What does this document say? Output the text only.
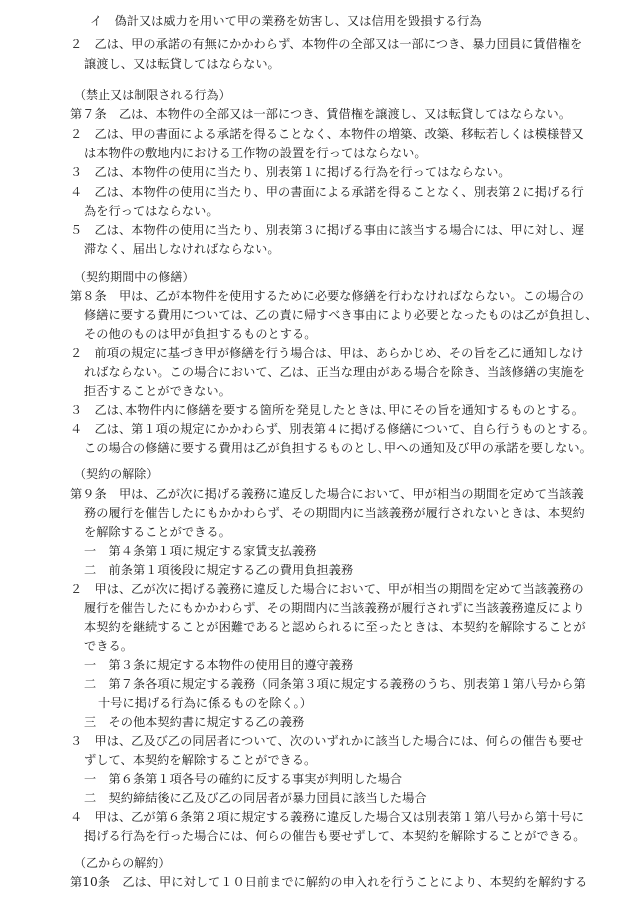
イ　偽計又は威力を用いて甲の業務を妨害し、又は信用を毀損する行為

２　乙は、甲の承諾の有無にかかわらず、本物件の全部又は一部につき、暴力団員に賃借権を

譲渡し、又は転貸してはならない。

（禁止又は制限される行為）

第７条　乙は、本物件の全部又は一部につき、賃借権を譲渡し、又は転貸してはならない。

２　乙は、甲の書面による承諾を得ることなく、本物件の増築、改築、移転若しくは模様替又

は本物件の敷地内における工作物の設置を行ってはならない。

３　乙は、本物件の使用に当たり、別表第１に掲げる行為を行ってはならない。

４　乙は、本物件の使用に当たり、甲の書面による承諾を得ることなく、別表第２に掲げる行

為を行ってはならない。

５　乙は、本物件の使用に当たり、別表第３に掲げる事由に該当する場合には、甲に対し、遅

滞なく、届出しなければならない。

（契約期間中の修繕）

第８条　甲は、乙が本物件を使用するために必要な修繕を行わなければならない。この場合の

修繕に要する費用については、乙の責に帰すべき事由により必要となったものは乙が負担し、

その他のものは甲が負担するものとする。

２　前項の規定に基づき甲が修繕を行う場合は、甲は、あらかじめ、その旨を乙に通知しなけ

ればならない。この場合において、乙は、正当な理由がある場合を除き、当該修繕の実施を

拒否することができない。

３　乙は､本物件内に修繕を要する箇所を発見したときは､甲にその旨を通知するものとする。

４　乙は、第１項の規定にかかわらず、別表第４に掲げる修繕について、自ら行うものとする。

この場合の修繕に要する費用は乙が負担するものとし､甲への通知及び甲の承諾を要しない。

（契約の解除）

第９条　甲は、乙が次に掲げる義務に違反した場合において、甲が相当の期間を定めて当該義

務の履行を催告したにもかかわらず、その期間内に当該義務が履行されないときは、本契約

を解除することができる。

一　第４条第１項に規定する家賃支払義務

二　前条第１項後段に規定する乙の費用負担義務

２　甲は、乙が次に掲げる義務に違反した場合において、甲が相当の期間を定めて当該義務の

履行を催告したにもかかわらず、その期間内に当該義務が履行されずに当該義務違反により

本契約を継続することが困難であると認められるに至ったときは、本契約を解除することが

できる。

一　第３条に規定する本物件の使用目的遵守義務

二　第７条各項に規定する義務（同条第３項に規定する義務のうち、別表第１第八号から第

十号に掲げる行為に係るものを除く。）

三　その他本契約書に規定する乙の義務

３　甲は、乙及び乙の同居者について、次のいずれかに該当した場合には、何らの催告も要せ

ずして、本契約を解除することができる。

一　第６条第１項各号の確約に反する事実が判明した場合

二　契約締結後に乙及び乙の同居者が暴力団員に該当した場合

４　甲は、乙が第６条第２項に規定する義務に違反した場合又は別表第１第八号から第十号に

掲げる行為を行った場合には、何らの催告も要せずして、本契約を解除することができる。

（乙からの解約）

第10条　乙は、甲に対して１０日前までに解約の申入れを行うことにより、本契約を解約する
